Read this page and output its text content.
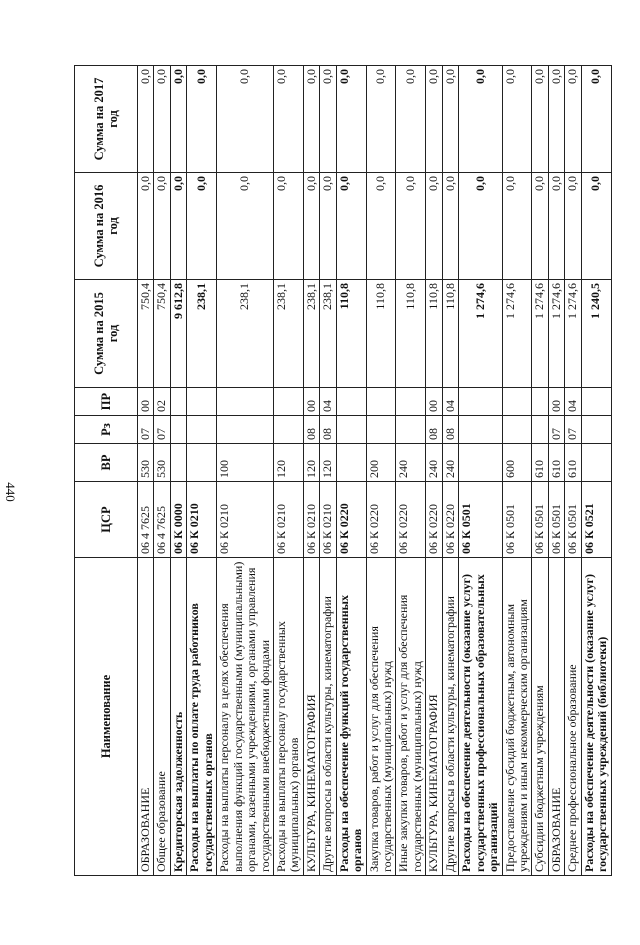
440
Наименование	ЦСР	ВР	Рз	ПР	Сумма на 2015 год	Сумма на 2016 год	Сумма на 2017 год
ОБРАЗОВАНИЕ	06 4 7625	530	07	00	750,4	0,0	0,0
Общее образование	06 4 7625	530	07	02	750,4	0,0	0,0
Кредиторская задолженность	06 К 0000				9 612,8	0,0	0,0
Расходы на выплаты по оплате труда работников государственных органов	06 К 0210				238,1	0,0	0,0
Расходы на выплаты персоналу в целях обеспечения выполнения функций государственными (муниципальными) органами, казенными учреждениями, органами управления государственными внебюджетными фондами	06 К 0210	100			238,1	0,0	0,0
Расходы на выплаты персоналу государственных (муниципальных) органов	06 К 0210	120			238,1	0,0	0,0
КУЛЬТУРА, КИНЕМАТОГРАФИЯ	06 К 0210	120	08	00	238,1	0,0	0,0
Другие вопросы в области культуры, кинематографии	06 К 0210	120	08	04	238,1	0,0	0,0
Расходы на обеспечение функций государственных органов	06 К 0220				110,8	0,0	0,0
Закупка товаров, работ и услуг для обеспечения государственных (муниципальных) нужд	06 К 0220	200			110,8	0,0	0,0
Иные закупки товаров, работ и услуг для обеспечения государственных (муниципальных) нужд	06 К 0220	240			110,8	0,0	0,0
КУЛЬТУРА, КИНЕМАТОГРАФИЯ	06 К 0220	240	08	00	110,8	0,0	0,0
Другие вопросы в области культуры, кинематографии	06 К 0220	240	08	04	110,8	0,0	0,0
Расходы на обеспечение деятельности (оказание услуг) государственных профессиональных образовательных организаций	06 К 0501				1 274,6	0,0	0,0
Предоставление субсидий бюджетным, автономным учреждениям и иным некоммерческим организациям	06 К 0501	600			1 274,6	0,0	0,0
Субсидии бюджетным учреждениям	06 К 0501	610			1 274,6	0,0	0,0
ОБРАЗОВАНИЕ	06 К 0501	610	07	00	1 274,6	0,0	0,0
Среднее профессиональное образование	06 К 0501	610	07	04	1 274,6	0,0	0,0
Расходы на обеспечение деятельности (оказание услуг) государственных учреждений (библиотеки)	06 К 0521				1 240,5	0,0	0,0
